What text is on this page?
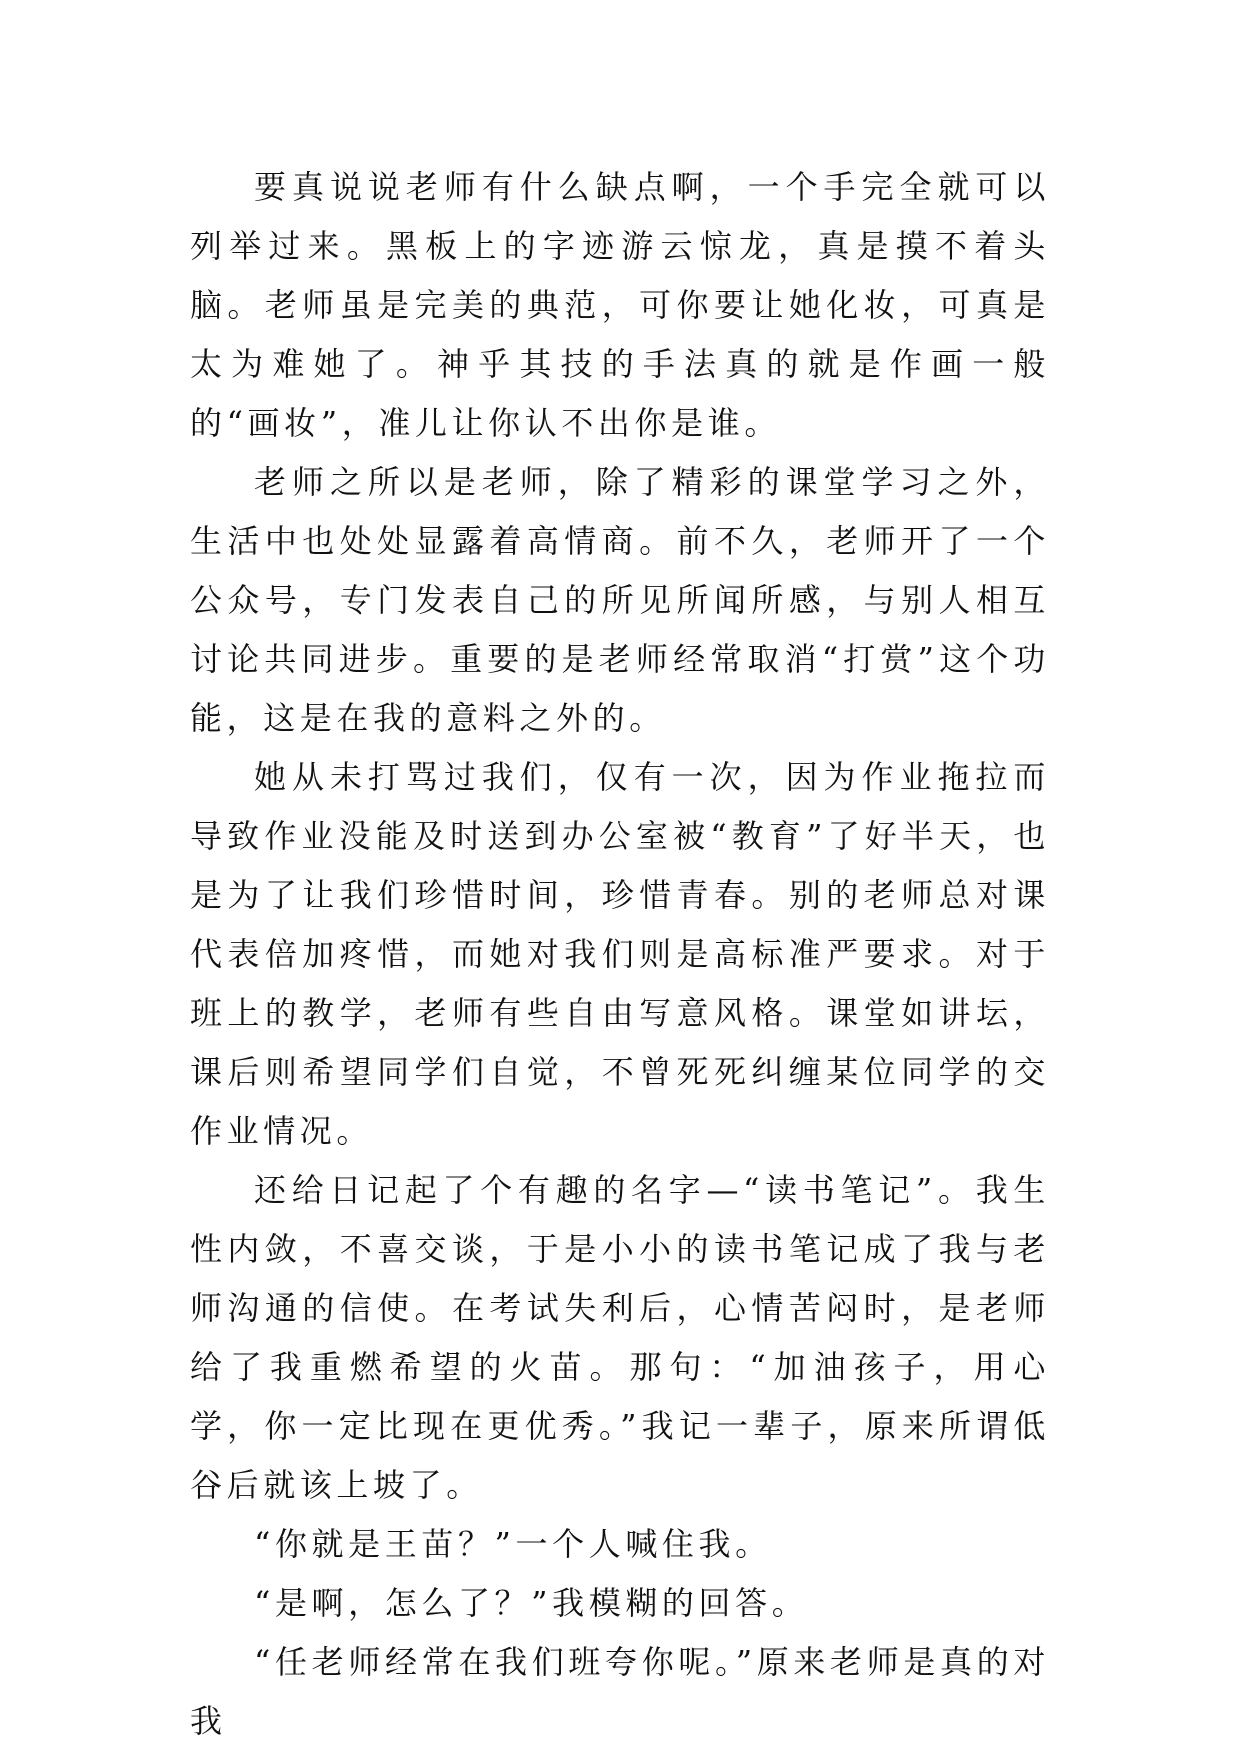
要真说说老师有什么缺点啊，一个手完全就可以列举过来。黑板上的字迹游云惊龙，真是摸不着头脑。老师虽是完美的典范，可你要让她化妆，可真是太为难她了。神乎其技的手法真的就是作画一般的“画妆”，准儿让你认不出你是谁。

老师之所以是老师，除了精彩的课堂学习之外，生活中也处处显露着高情商。前不久，老师开了一个公众号，专门发表自己的所见所闻所感，与别人相互讨论共同进步。重要的是老师经常取消“打赏”这个功能，这是在我的意料之外的。

她从未打骂过我们，仅有一次，因为作业拖拉而导致作业没能及时送到办公室被“教育”了好半天，也是为了让我们珍惜时间，珍惜青春。别的老师总对课代表倍加疼惜，而她对我们则是高标准严要求。对于班上的教学，老师有些自由写意风格。课堂如讲坛，课后则希望同学们自觉，不曾死死纠缠某位同学的交作业情况。

还给日记起了个有趣的名字—“读书笔记”。我生性内敛，不喜交谈，于是小小的读书笔记成了我与老师沟通的信使。在考试失利后，心情苦闷时，是老师给了我重燃希望的火苗。那句：“加油孩子，用心学，你一定比现在更优秀。”我记一辈子，原来所谓低谷后就该上坡了。

“你就是王苗？”一个人喊住我。

“是啊，怎么了？”我模糊的回答。

“任老师经常在我们班夸你呢。”原来老师是真的对我
